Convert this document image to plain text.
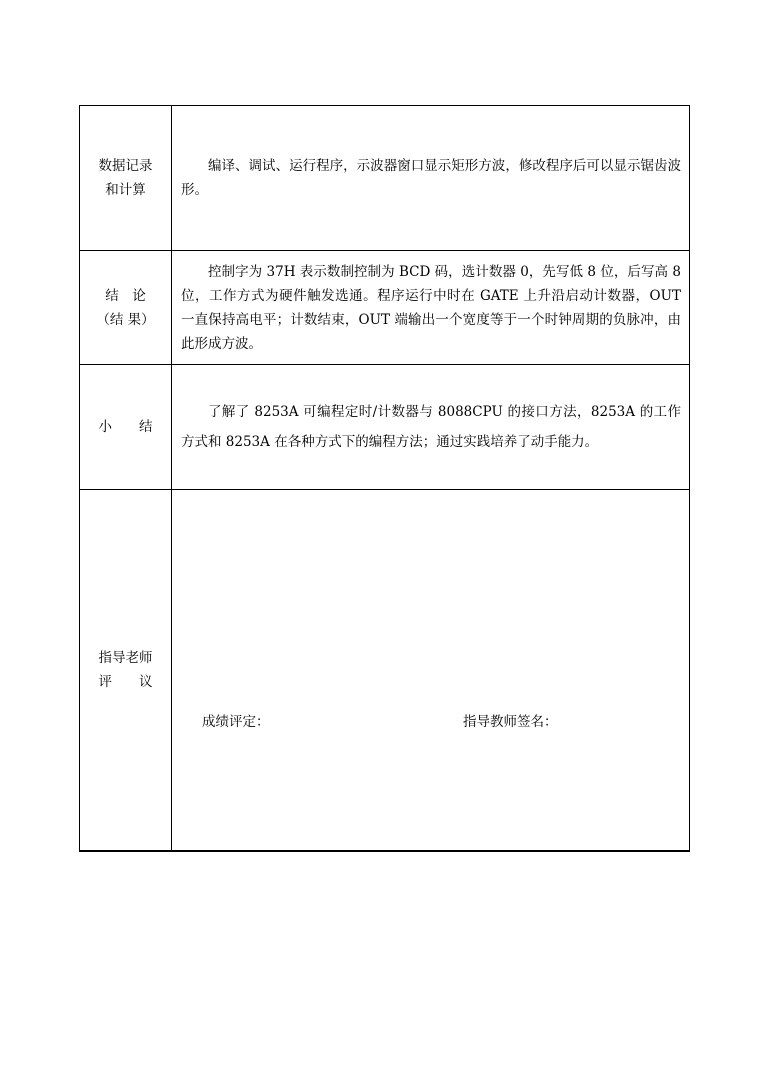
数据记录
和计算	编译、调试、运行程序，示波器窗口显示矩形方波，修改程序后可以显示锯齿波形。

结　论
（结 果）	控制字为 37H 表示数制控制为 BCD 码，选计数器 0，先写低 8 位，后写高 8 位，工作方式为硬件触发选通。程序运行中时在 GATE 上升沿启动计数器，OUT 一直保持高电平；计数结束，OUT 端输出一个宽度等于一个时钟周期的负脉冲，由此形成方波。

小　　结	了解了 8253A 可编程定时/计数器与 8088CPU 的接口方法，8253A 的工作方式和 8253A 在各种方式下的编程方法；通过实践培养了动手能力。

指导老师
评　　议	成绩评定： 指导教师签名：
